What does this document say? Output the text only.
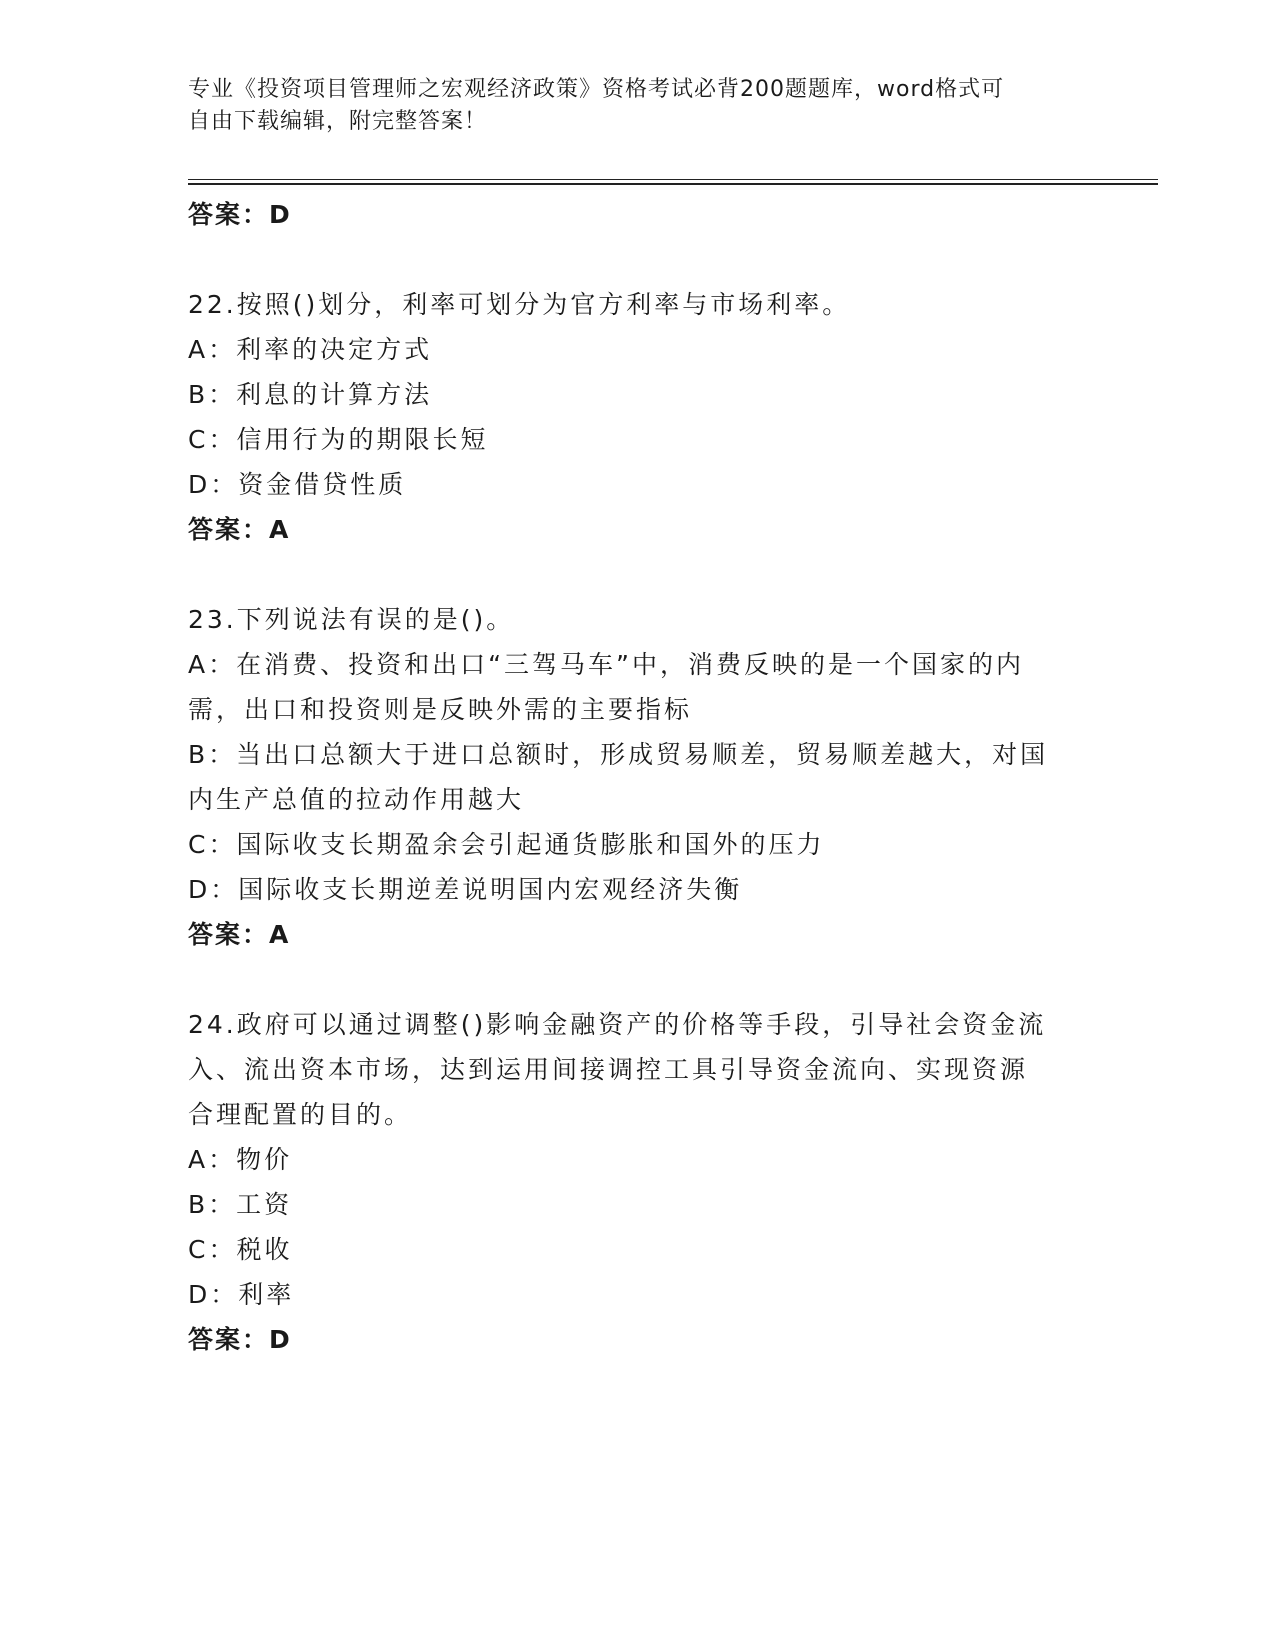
专业《投资项目管理师之宏观经济政策》资格考试必背200题题库，word格式可
自由下载编辑，附完整答案！

答案：D

22.按照()划分，利率可划分为官方利率与市场利率。

A：利率的决定方式

B：利息的计算方法

C：信用行为的期限长短

D：资金借贷性质

答案：A

23.下列说法有误的是()。

A：在消费、投资和出口“三驾马车”中，消费反映的是一个国家的内

需，出口和投资则是反映外需的主要指标

B：当出口总额大于进口总额时，形成贸易顺差，贸易顺差越大，对国

内生产总值的拉动作用越大

C：国际收支长期盈余会引起通货膨胀和国外的压力

D：国际收支长期逆差说明国内宏观经济失衡

答案：A

24.政府可以通过调整()影响金融资产的价格等手段，引导社会资金流

入、流出资本市场，达到运用间接调控工具引导资金流向、实现资源

合理配置的目的。

A：物价

B：工资

C：税收

D：利率

答案：D
